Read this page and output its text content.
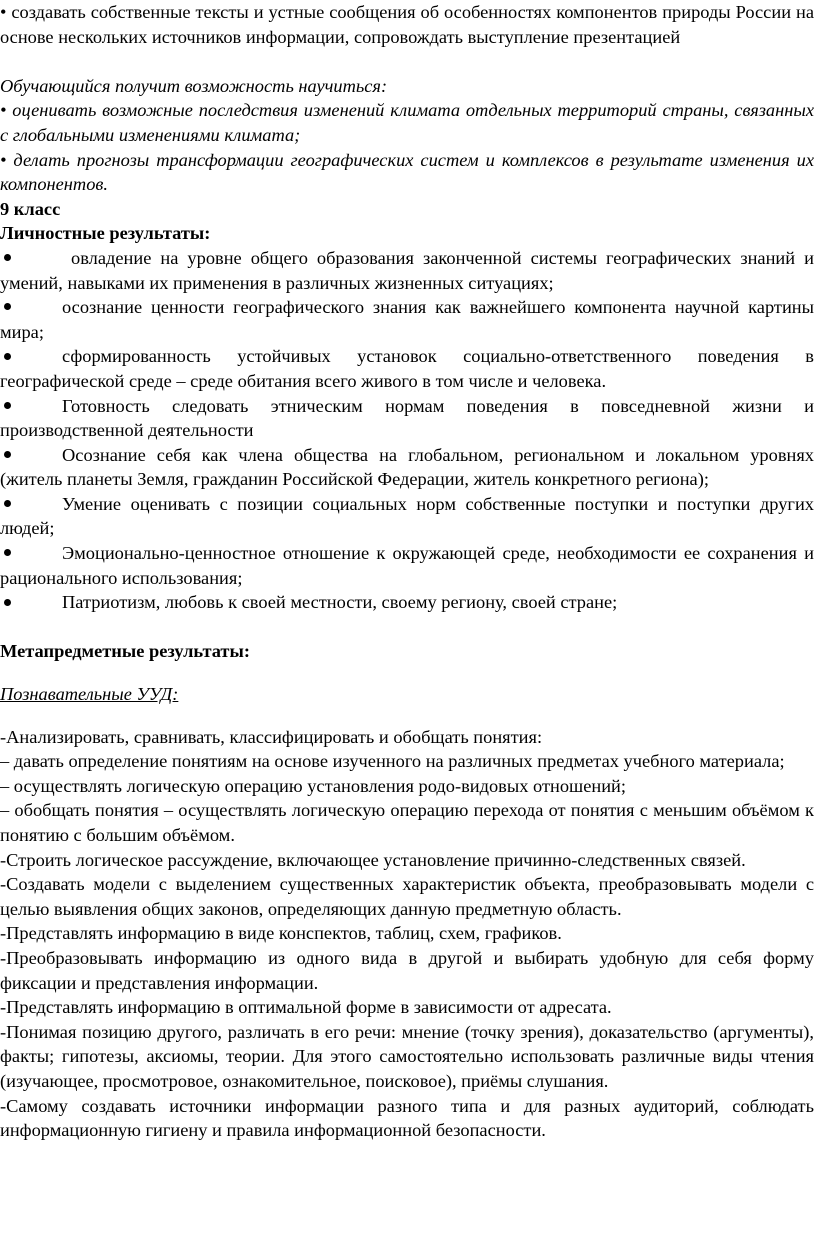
• создавать собственные тексты и устные сообщения об особенностях компонентов природы России на основе нескольких источников информации, сопровождать выступление презентацией

Обучающийся получит возможность научиться:

• оценивать возможные последствия изменений климата отдельных территорий страны, связанных с глобальными изменениями климата;

• делать прогнозы трансформации географических систем и комплексов в результате изменения их компонентов.

9 класс

Личностные результаты:

овладение на уровне общего образования законченной системы географических знаний и умений, навыками их применения в различных жизненных ситуациях;

осознание ценности географического знания как важнейшего компонента научной картины мира;

сформированность устойчивых установок социально-ответственного поведения в географической среде – среде обитания всего живого в том числе и человека.

Готовность следовать этническим нормам поведения в повседневной жизни и производственной деятельности

Осознание себя как члена общества на глобальном, региональном и локальном уровнях (житель планеты Земля, гражданин Российской Федерации, житель конкретного региона);

Умение оценивать с позиции социальных норм собственные поступки и поступки других людей;

Эмоционально-ценностное отношение к окружающей среде, необходимости ее сохранения и рационального использования;

Патриотизм, любовь к своей местности, своему региону, своей стране;

Метапредметные результаты:

Познавательные УУД:

-Анализировать, сравнивать, классифицировать и обобщать понятия:

– давать определение понятиям на основе изученного на различных предметах учебного материала;

– осуществлять логическую операцию установления родо-видовых отношений;

– обобщать понятия – осуществлять логическую операцию перехода от понятия с меньшим объёмом к понятию с большим объёмом.

-Строить логическое рассуждение, включающее установление причинно-следственных связей.

-Создавать модели с выделением существенных характеристик объекта, преобразовывать модели с целью выявления общих законов, определяющих данную предметную область.

-Представлять информацию в виде конспектов, таблиц, схем, графиков.

-Преобразовывать информацию из одного вида в другой и выбирать удобную для себя форму фиксации и представления информации.

-Представлять информацию в оптимальной форме в зависимости от адресата.

-Понимая позицию другого, различать в его речи: мнение (точку зрения), доказательство (аргументы), факты; гипотезы, аксиомы, теории. Для этого самостоятельно использовать различные виды чтения (изучающее, просмотровое, ознакомительное, поисковое), приёмы слушания.

-Самому создавать источники информации разного типа и для разных аудиторий, соблюдать информационную гигиену и правила информационной безопасности.
